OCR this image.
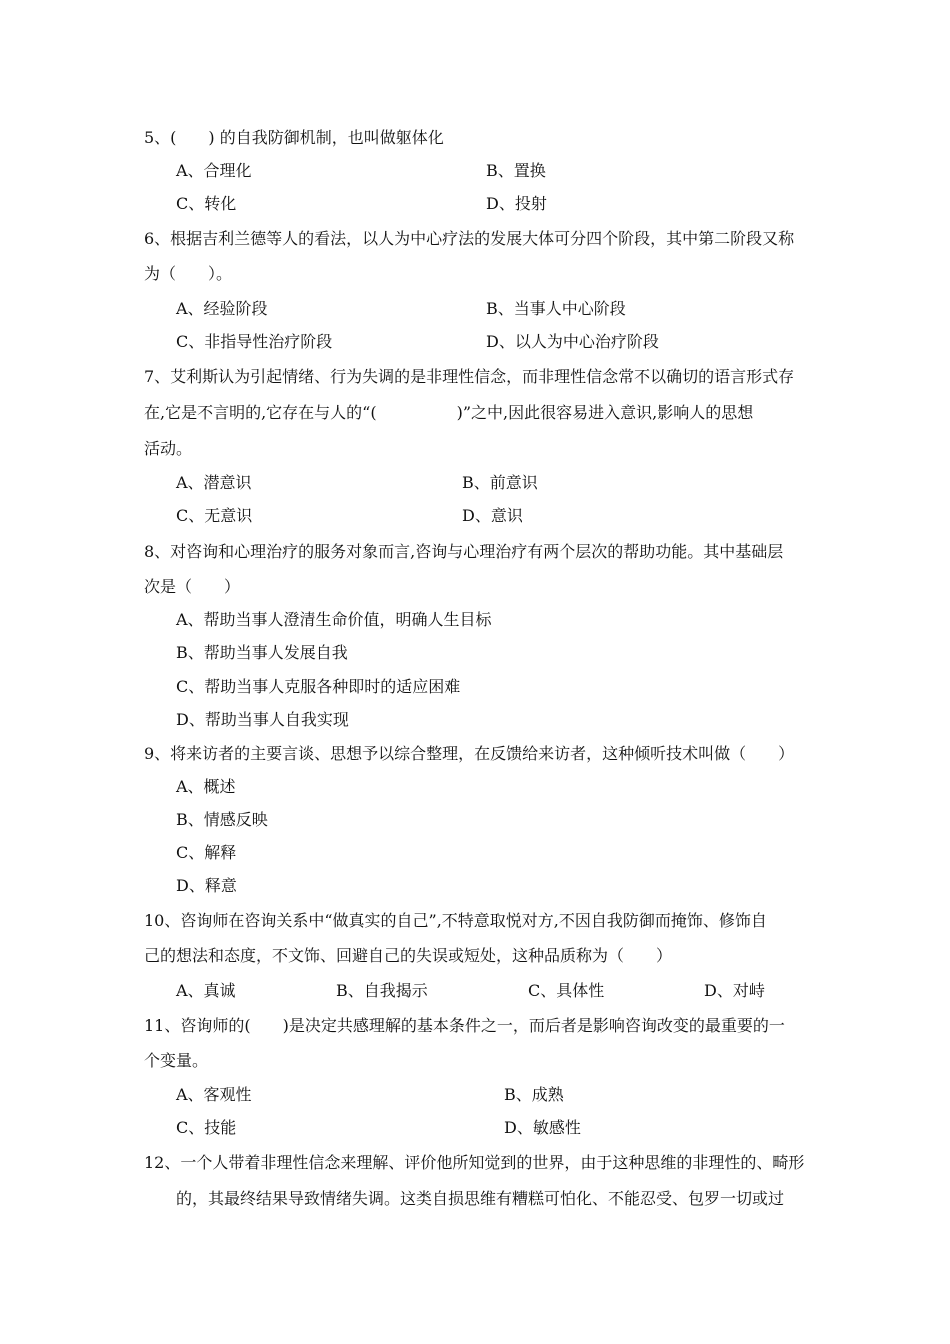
5、(　　) 的自我防御机制，也叫做躯体化
A、合理化	B、置换
C、转化	D、投射
6、根据吉利兰德等人的看法，以人为中心疗法的发展大体可分四个阶段，其中第二阶段又称
为（　　）。
A、经验阶段	B、当事人中心阶段
C、非指导性治疗阶段	D、以人为中心治疗阶段
7、艾利斯认为引起情绪、行为失调的是非理性信念，而非理性信念常不以确切的语言形式存
在,它是不言明的,它存在与人的“(　　　　　)”之中,因此很容易进入意识,影响人的思想
活动。
A、潜意识	B、前意识
C、无意识	D、意识
8、对咨询和心理治疗的服务对象而言,咨询与心理治疗有两个层次的帮助功能。其中基础层
次是（　　）
A、帮助当事人澄清生命价值，明确人生目标
B、帮助当事人发展自我
C、帮助当事人克服各种即时的适应困难
D、帮助当事人自我实现
9、将来访者的主要言谈、思想予以综合整理，在反馈给来访者，这种倾听技术叫做（　　）
A、概述
B、情感反映
C、解释
D、释意
10、咨询师在咨询关系中“做真实的自己”,不特意取悦对方,不因自我防御而掩饰、修饰自
己的想法和态度，不文饰、回避自己的失误或短处，这种品质称为（　　）
A、真诚	B、自我揭示	C、具体性	D、对峙
11、咨询师的(　　)是决定共感理解的基本条件之一，而后者是影响咨询改变的最重要的一
个变量。
A、客观性	B、成熟
C、技能	D、敏感性
12、一个人带着非理性信念来理解、评价他所知觉到的世界，由于这种思维的非理性的、畸形
　　的，其最终结果导致情绪失调。这类自损思维有糟糕可怕化、不能忍受、包罗一切或过
